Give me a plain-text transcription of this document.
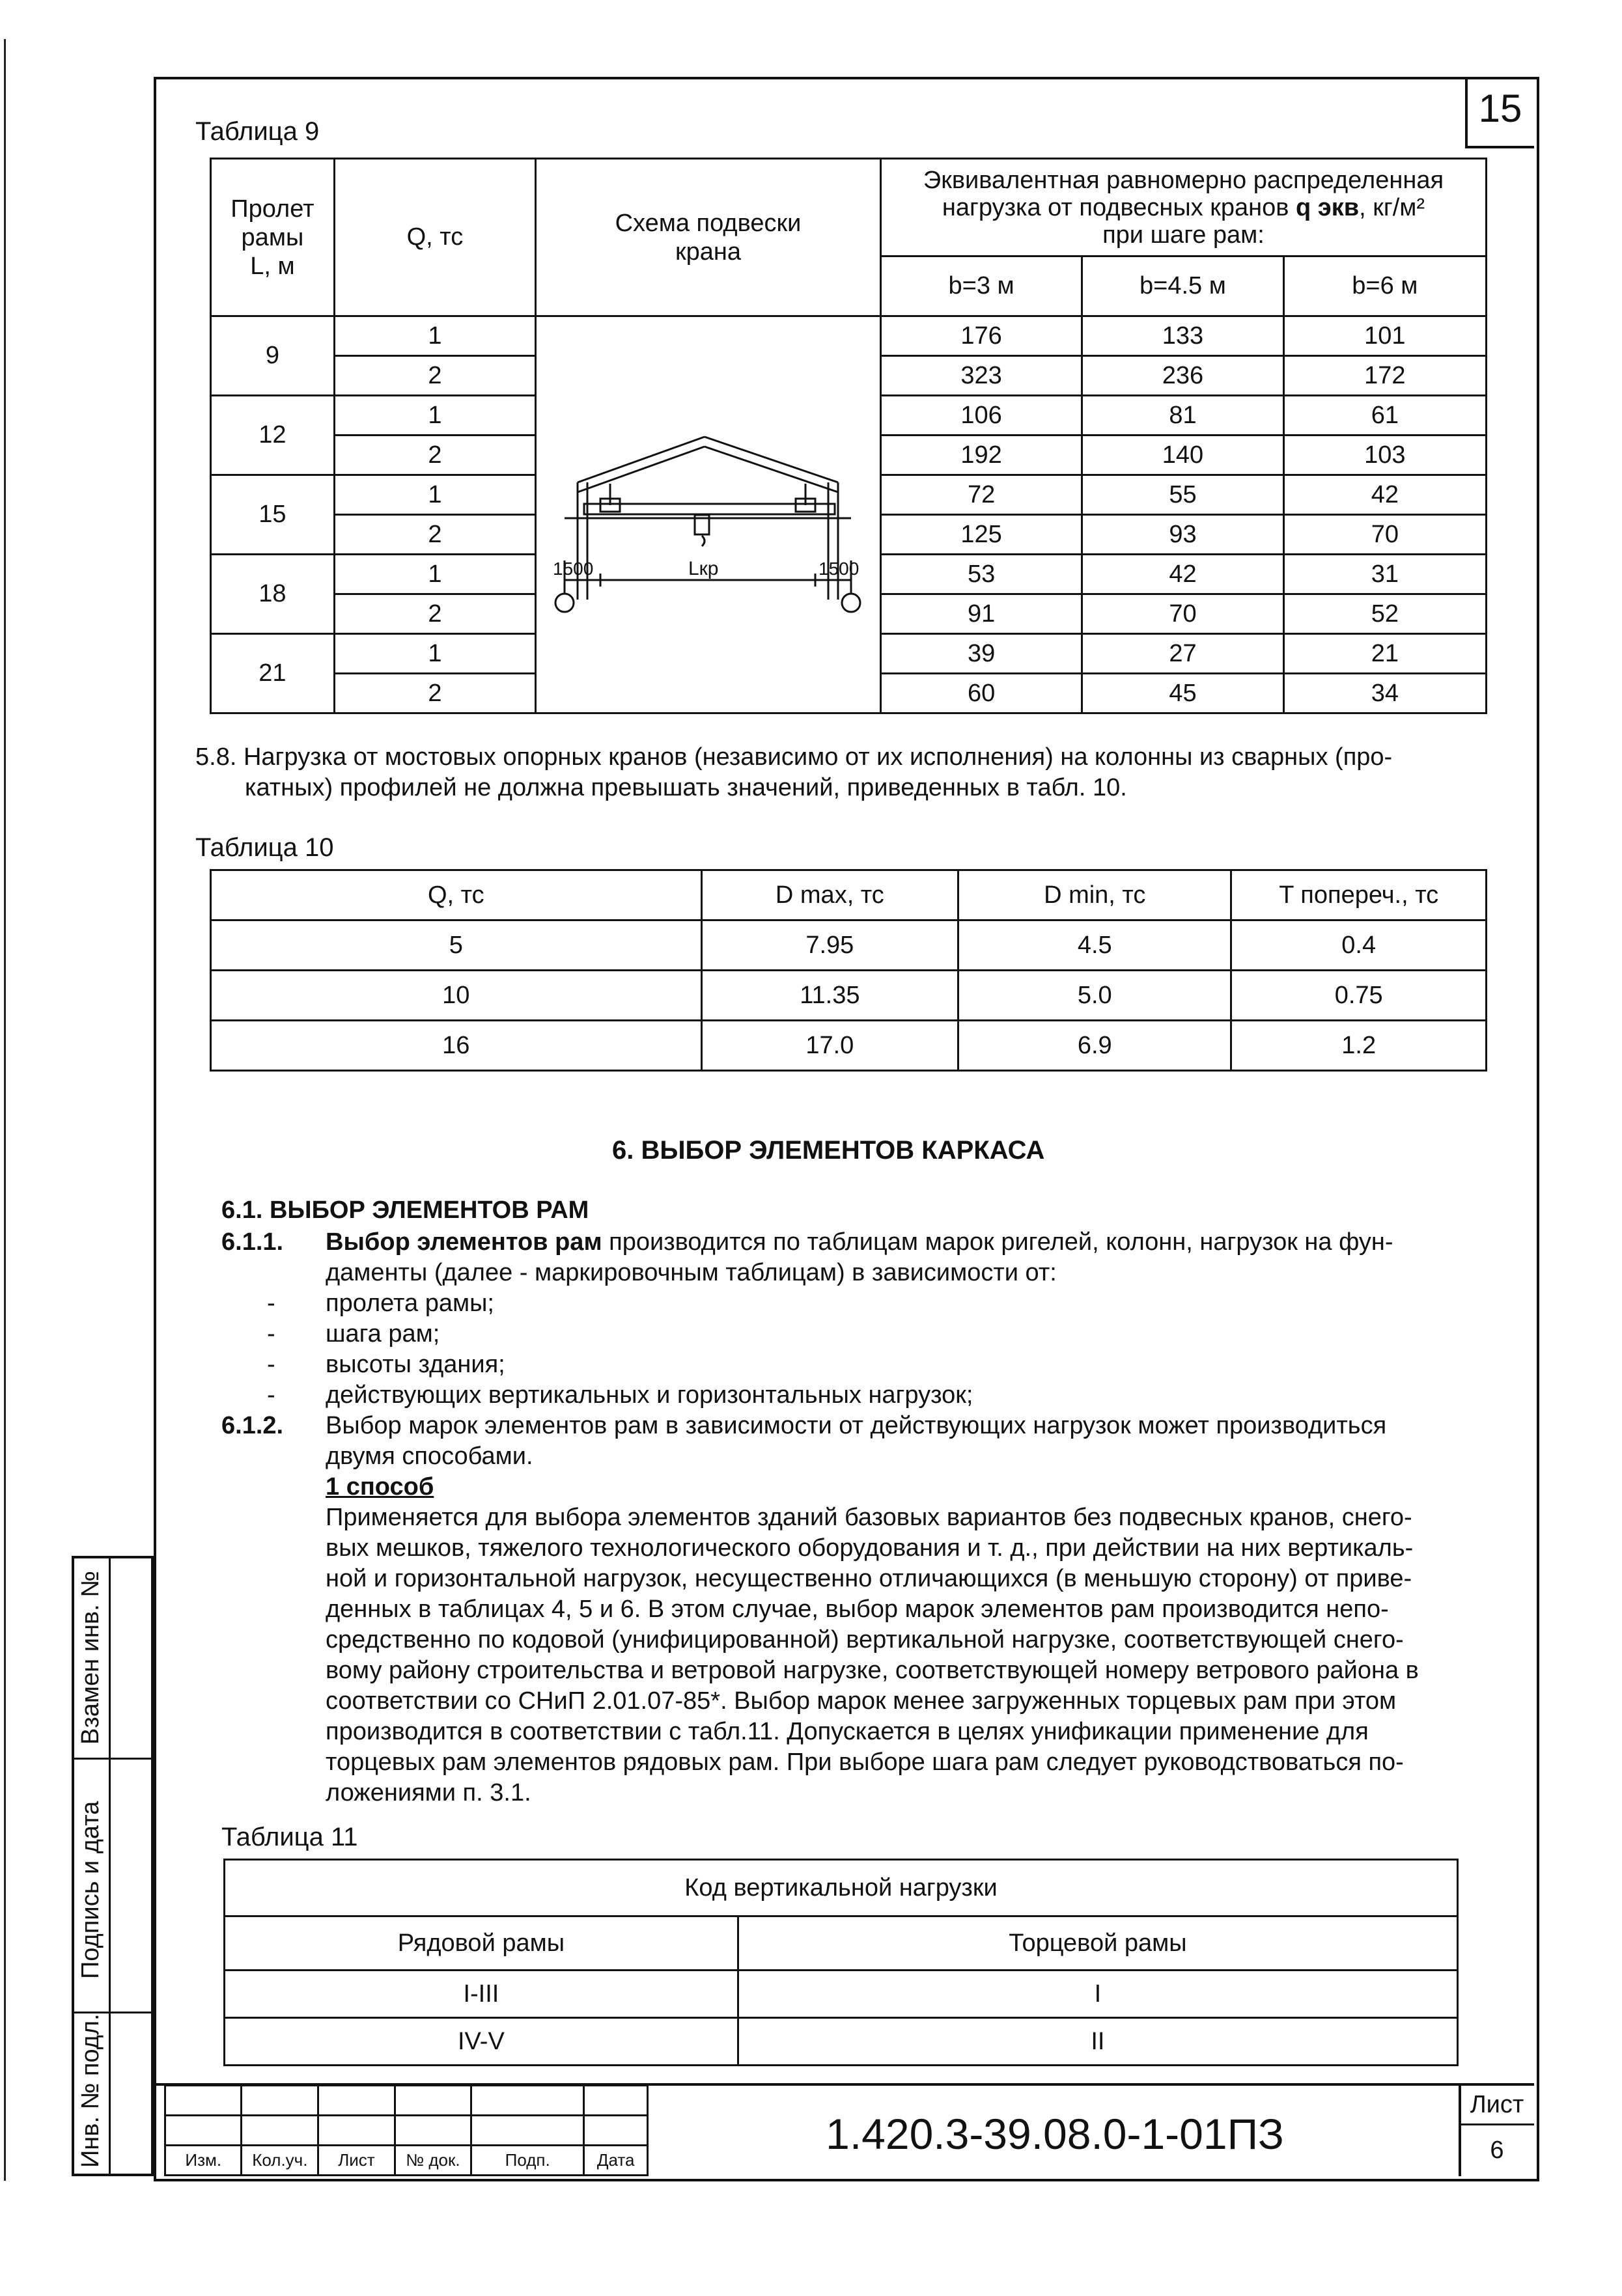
15
Таблица 9
Пролет рамы L, м	Q, тс	Схема подвески крана	Эквивалентная равномерно распределенная
нагрузка от подвесных кранов q экв, кг/м²
при шаге рам:		

			b=3 м	b=4.5 м	b=6 м
9	1	1500 Lкр 1500	176	133	101
	2		323	236	172
12	1		106	81	61
	2		192	140	103
15	1		72	55	42
	2		125	93	70
18	1		53	42	31
	2		91	70	52
21	1		39	27	21
	2		60	45	34
5.8. Нагрузка от мостовых опорных кранов (независимо от их исполнения) на колонны из сварных (про-
катных) профилей не должна превышать значений, приведенных в табл. 10.
Таблица 10
Q, тс	D max, тс	D min, тс	T попереч., тс
5	7.95	4.5	0.4
10	11.35	5.0	0.75
16	17.0	6.9	1.2
6. ВЫБОР ЭЛЕМЕНТОВ КАРКАСА
6.1. ВЫБОР ЭЛЕМЕНТОВ РАМ
6.1.1. Выбор элементов рам производится по таблицам марок ригелей, колонн, нагрузок на фун-
даменты (далее - маркировочным таблицам) в зависимости от:
- пролета рамы;
- шага рам;
- высоты здания;
- действующих вертикальных и горизонтальных нагрузок;
6.1.2. Выбор марок элементов рам в зависимости от действующих нагрузок может производиться
двумя способами.
1 способ
Применяется для выбора элементов зданий базовых вариантов без подвесных кранов, снего-
вых мешков, тяжелого технологического оборудования и т. д., при действии на них вертикаль-
ной и горизонтальной нагрузок, несущественно отличающихся (в меньшую сторону) от приве-
денных в таблицах 4, 5 и 6. В этом случае, выбор марок элементов рам производится непо-
средственно по кодовой (унифицированной) вертикальной нагрузке, соответствующей снего-
вому району строительства и ветровой нагрузке, соответствующей номеру ветрового района в
соответствии со СНиП 2.01.07-85*. Выбор марок менее загруженных торцевых рам при этом
производится в соответствии с табл.11. Допускается в целях унификации применение для
торцевых рам элементов рядовых рам. При выборе шага рам следует руководствоваться по-
ложениями п. 3.1.
Таблица 11
Код вертикальной нагрузки	
Рядовой рамы	Торцевой рамы
I-III	I
IV-V	II
Взамен инв. №
Подпись и дата
Инв. № подл.

						Изм.	Кол.уч.	Лист	№ док.	Подп.	Дата
1.420.3-39.08.0-1-01ПЗ
Лист
6
